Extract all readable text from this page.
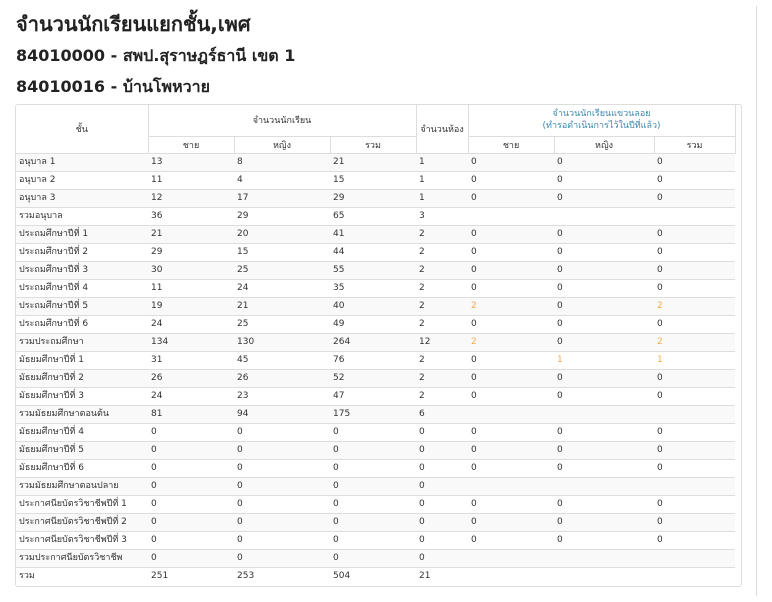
จำนวนนักเรียนแยกชั้น,เพศ
84010000 - สพป.สุราษฎร์ธานี เขต 1
84010016 - บ้านโพหวาย
ชั้น	จำนวนนักเรียน			จำนวนห้อง	จำนวนนักเรียนแขวนลอย
(ทำรอดำเนินการไว้ในปีที่แล้ว)		

	ชาย	หญิง	รวม		ชาย	หญิง	รวม
อนุบาล 1	13	8	21	1	0	0	0
อนุบาล 2	11	4	15	1	0	0	0
อนุบาล 3	12	17	29	1	0	0	0
รวมอนุบาล	36	29	65	3			
ประถมศึกษาปีที่ 1	21	20	41	2	0	0	0
ประถมศึกษาปีที่ 2	29	15	44	2	0	0	0
ประถมศึกษาปีที่ 3	30	25	55	2	0	0	0
ประถมศึกษาปีที่ 4	11	24	35	2	0	0	0
ประถมศึกษาปีที่ 5	19	21	40	2	2	0	2
ประถมศึกษาปีที่ 6	24	25	49	2	0	0	0
รวมประถมศึกษา	134	130	264	12	2	0	2
มัธยมศึกษาปีที่ 1	31	45	76	2	0	1	1
มัธยมศึกษาปีที่ 2	26	26	52	2	0	0	0
มัธยมศึกษาปีที่ 3	24	23	47	2	0	0	0
รวมมัธยมศึกษาตอนต้น	81	94	175	6			
มัธยมศึกษาปีที่ 4	0	0	0	0	0	0	0
มัธยมศึกษาปีที่ 5	0	0	0	0	0	0	0
มัธยมศึกษาปีที่ 6	0	0	0	0	0	0	0
รวมมัธยมศึกษาตอนปลาย	0	0	0	0			
ประกาศนียบัตรวิชาชีพปีที่ 1	0	0	0	0	0	0	0
ประกาศนียบัตรวิชาชีพปีที่ 2	0	0	0	0	0	0	0
ประกาศนียบัตรวิชาชีพปีที่ 3	0	0	0	0	0	0	0
รวมประกาศนียบัตรวิชาชีพ	0	0	0	0			
รวม	251	253	504	21			
